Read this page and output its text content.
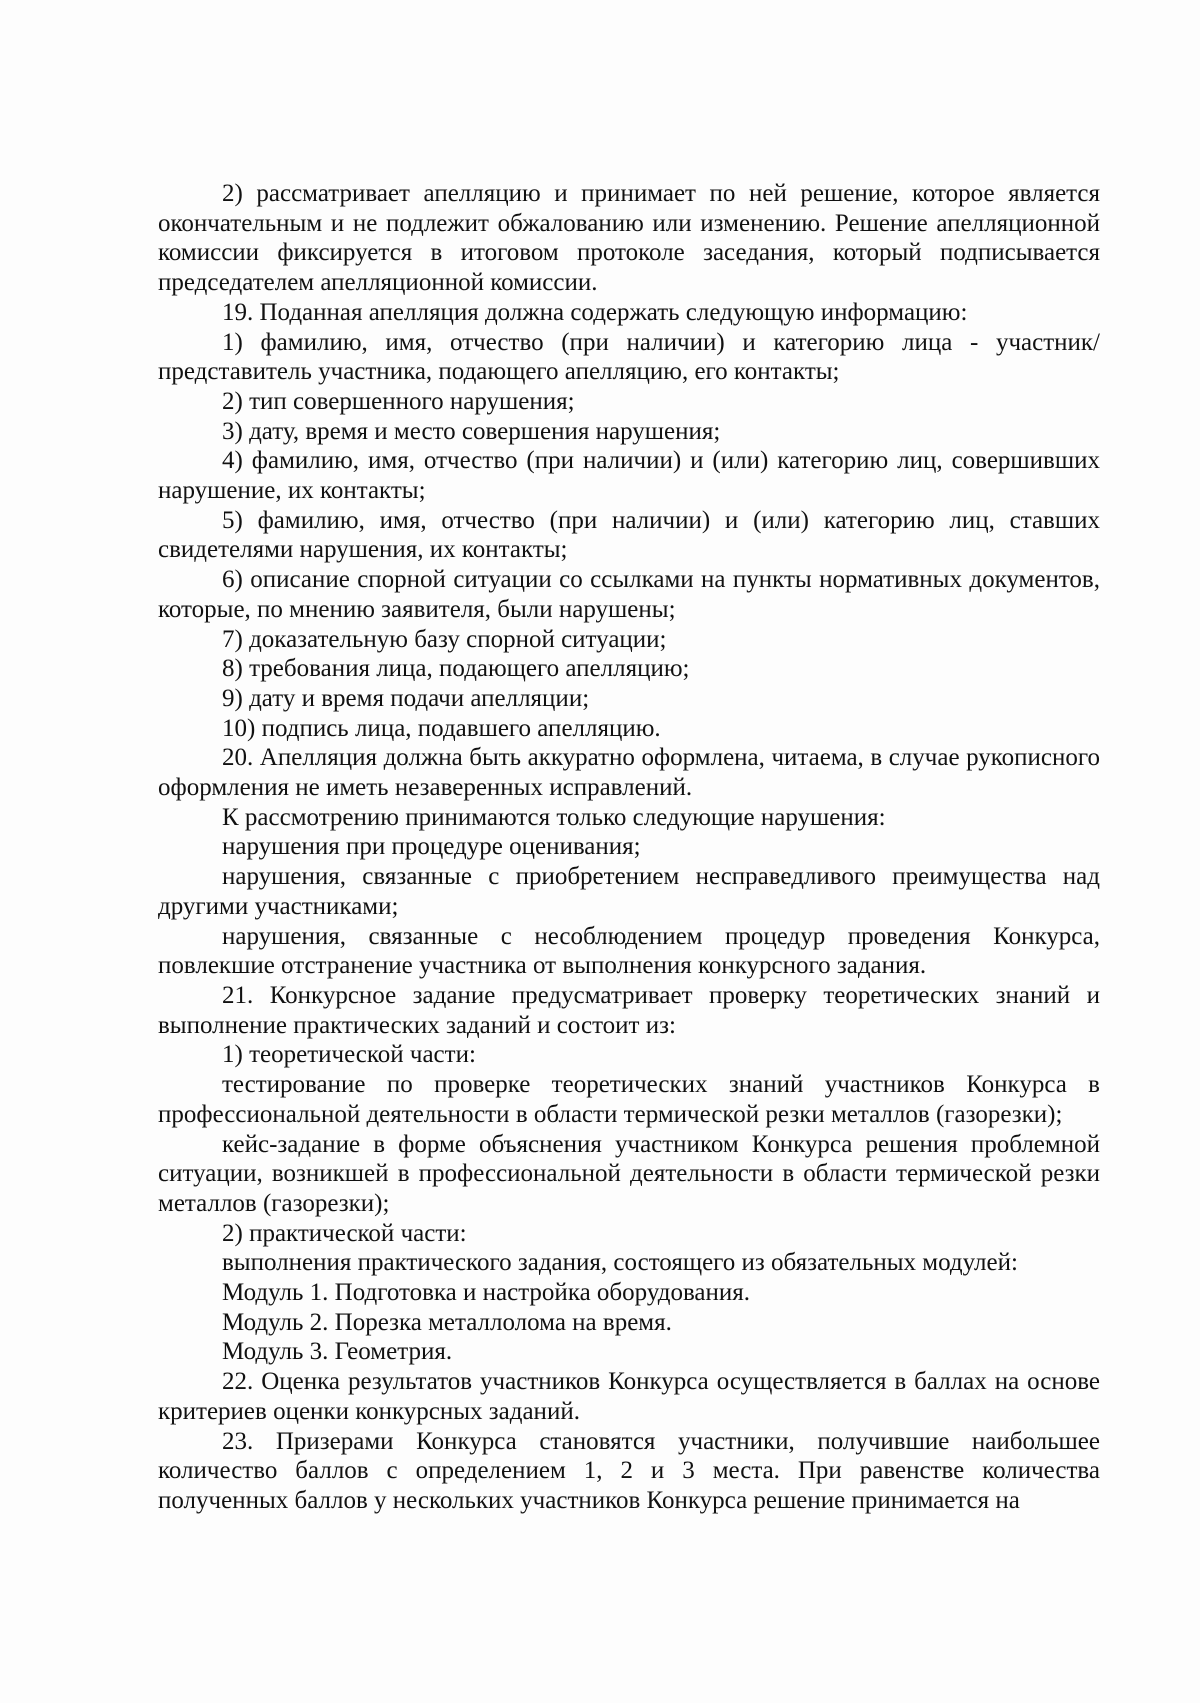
2) рассматривает апелляцию и принимает по ней решение, которое является окончательным и не подлежит обжалованию или изменению. Решение апелляционной комиссии фиксируется в итоговом протоколе заседания, который подписывается председателем апелляционной комиссии.

19. Поданная апелляция должна содержать следующую информацию:

1) фамилию, имя, отчество (при наличии) и категорию лица - участник/представитель участника, подающего апелляцию, его контакты;

2) тип совершенного нарушения;

3) дату, время и место совершения нарушения;

4) фамилию, имя, отчество (при наличии) и (или) категорию лиц, совершивших нарушение, их контакты;

5) фамилию, имя, отчество (при наличии) и (или) категорию лиц, ставших свидетелями нарушения, их контакты;

6) описание спорной ситуации со ссылками на пункты нормативных документов, которые, по мнению заявителя, были нарушены;

7) доказательную базу спорной ситуации;

8) требования лица, подающего апелляцию;

9) дату и время подачи апелляции;

10) подпись лица, подавшего апелляцию.

20. Апелляция должна быть аккуратно оформлена, читаема, в случае рукописного оформления не иметь незаверенных исправлений.

К рассмотрению принимаются только следующие нарушения:

нарушения при процедуре оценивания;

нарушения, связанные с приобретением несправедливого преимущества над другими участниками;

нарушения, связанные с несоблюдением процедур проведения Конкурса, повлекшие отстранение участника от выполнения конкурсного задания.

21. Конкурсное задание предусматривает проверку теоретических знаний и выполнение практических заданий и состоит из:

1) теоретической части:

тестирование по проверке теоретических знаний участников Конкурса в профессиональной деятельности в области термической резки металлов (газорезки);

кейс-задание в форме объяснения участником Конкурса решения проблемной ситуации, возникшей в профессиональной деятельности в области термической резки металлов (газорезки);

2) практической части:

выполнения практического задания, состоящего из обязательных модулей:

Модуль 1. Подготовка и настройка оборудования.

Модуль 2. Порезка металлолома на время.

Модуль 3. Геометрия.

22. Оценка результатов участников Конкурса осуществляется в баллах на основе критериев оценки конкурсных заданий.

23. Призерами Конкурса становятся участники, получившие наибольшее количество баллов с определением 1, 2 и 3 места. При равенстве количества полученных баллов у нескольких участников Конкурса решение принимается на
